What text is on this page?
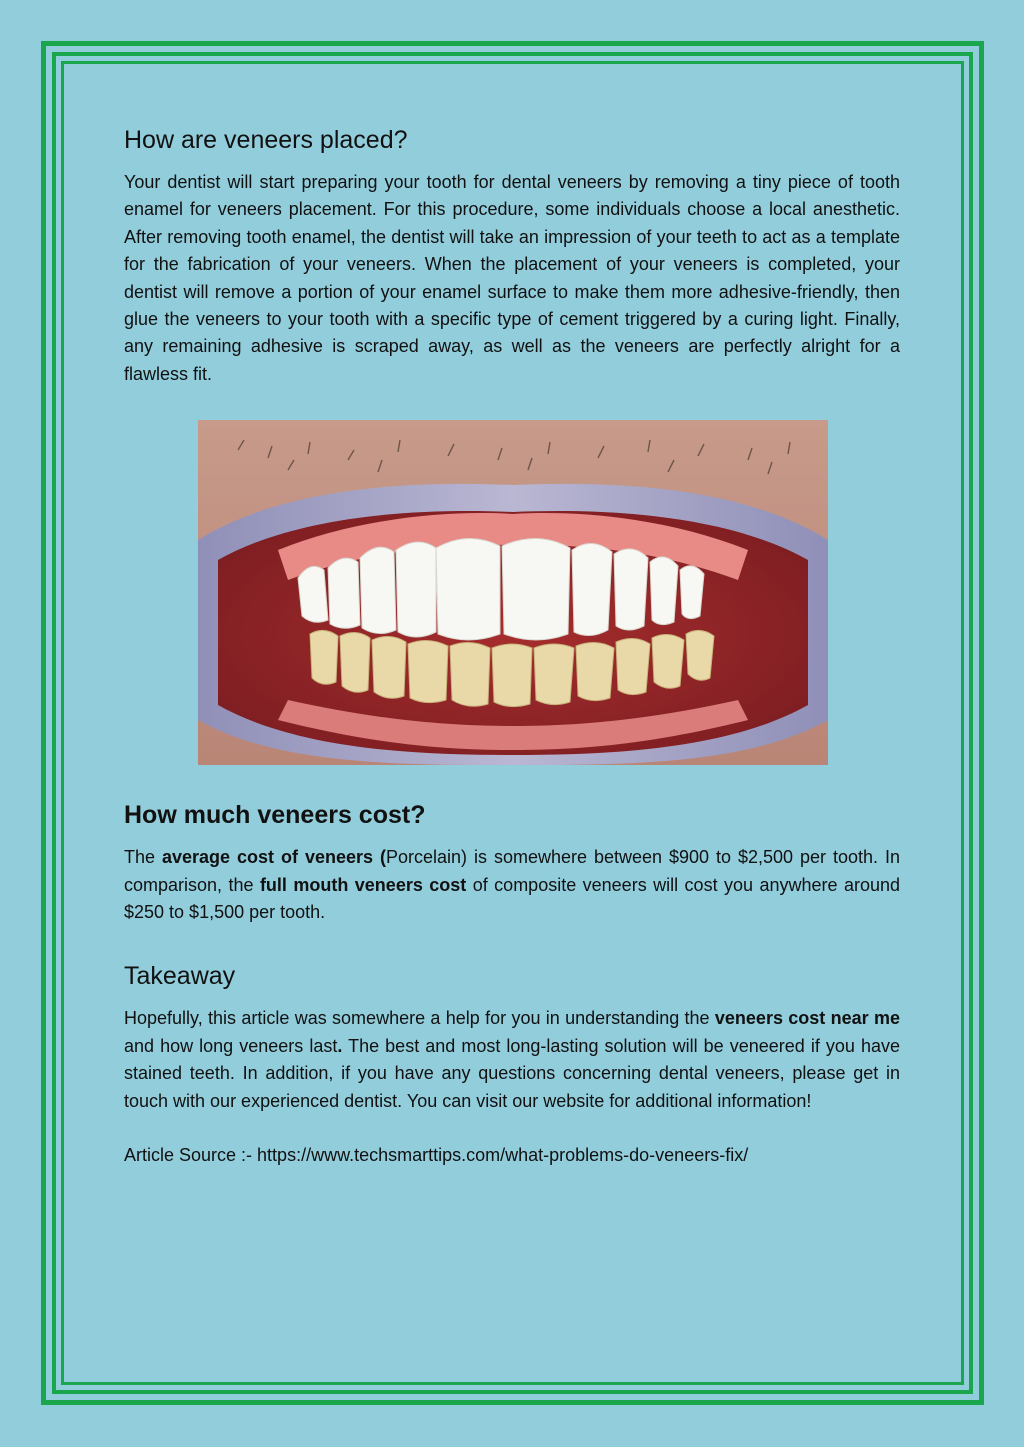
How are veneers placed?

Your dentist will start preparing your tooth for dental veneers by removing a tiny piece of tooth enamel for veneers placement. For this procedure, some individuals choose a local anesthetic. After removing tooth enamel, the dentist will take an impression of your teeth to act as a template for the fabrication of your veneers. When the placement of your veneers is completed, your dentist will remove a portion of your enamel surface to make them more adhesive-friendly, then glue the veneers to your tooth with a specific type of cement triggered by a curing light. Finally, any remaining adhesive is scraped away, as well as the veneers are perfectly alright for a flawless fit.

How much veneers cost?

The average cost of veneers (Porcelain) is somewhere between $900 to $2,500 per tooth. In comparison, the full mouth veneers cost of composite veneers will cost you anywhere around $250 to $1,500 per tooth.

Takeaway

Hopefully, this article was somewhere a help for you in understanding the veneers cost near me and how long veneers last. The best and most long-lasting solution will be veneered if you have stained teeth. In addition, if you have any questions concerning dental veneers, please get in touch with our experienced dentist. You can visit our website for additional information!

Article Source :- https://www.techsmarttips.com/what-problems-do-veneers-fix/
